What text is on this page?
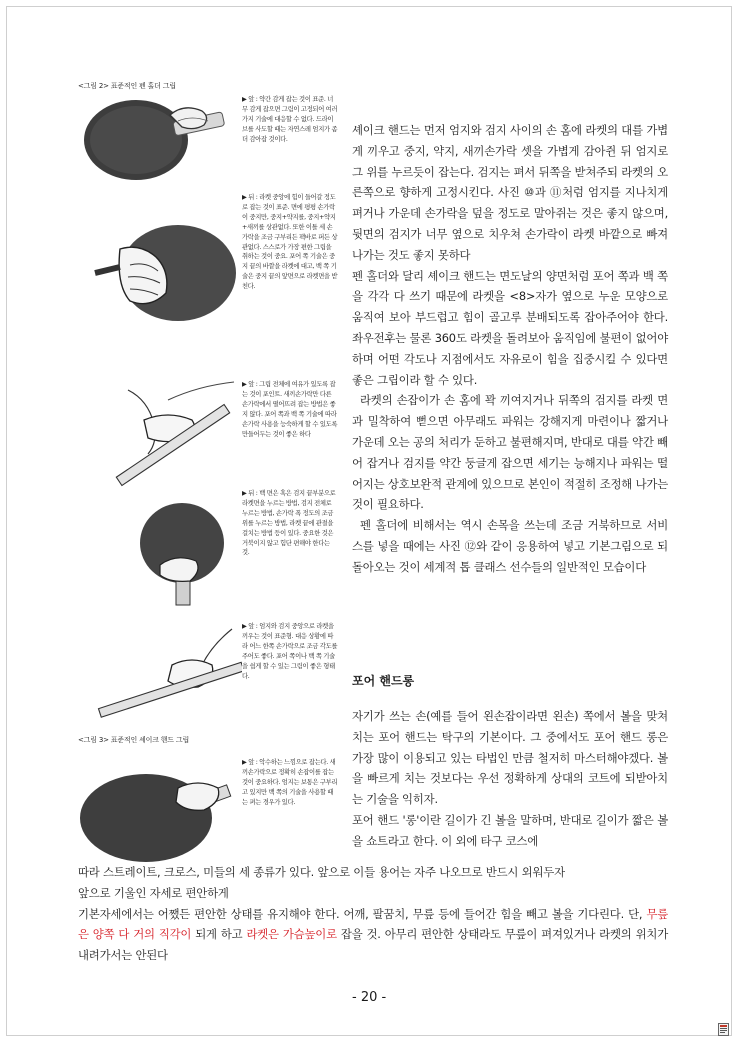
<그림 2> 표준적인 펜 홀더 그립
<그림 3> 표준적인 셰이크 핸드 그립
▶ 앞 : 약간 감게 잡는 것이 표준. 너무 감게 잡으면 그림이 고정되어 여러 가지 기술에 대응할 수 없다. 드라이브를 사도할 때는 자연스레 엄지가 좀 더 감아잡 것이다.
▶ 뒤 : 라켓 중앙에 힘이 들어갈 정도로 잡는 것이 표준. 면에 평평 손가락이 중지만, 중지+약지를, 중지+약지+새끼를 상관없다. 또한 이틀 세 손가락을 조금 구부리든 팩바로 퍼든 상관없다. 스스로가 가장 편한 그립을 취하는 것이 중요. 포어 쪽 기술은 중지 끝의 바깥을 라켓에 대고, 백 쪽 기술은 중지 끝의 앞면으로 라켓면을 받친다.
▶ 앞 : 그립 전체에 여유가 있도록 잡는 것이 포인트. 새끼손가락만 다른 손가락에서 떨어뜨려 잡는 방법은 좋지 않다. 포어 쪽과 백 쪽 기술에 따라 손가락 사용을 능숙하게 할 수 있도록 만들어두는 것이 좋은 하다
▶ 뒤 : 백 면은 혹은 검지 끝부분으로 라켓면을 누르는 방법, 검지 전체로 누르는 방법, 손가락 폭 정도의 조금 위를 누르는 방법, 라켓 끝에 관절을 걸치는 방법 등이 있다. 중요한 것은 거북이지 않고 힘단 편해야 한다는 것.
▶ 앞 : 엄지와 검지 중앙으로 라켓을 끼우는 것이 표준형. 대응 상황에 따라 어느 한쪽 손가락으로 조금 각도를 주어도 좋다. 포어 쪽이나 백 쪽 기술을 쉽게 할 수 있는 그림이 좋은 형태다.
▶ 앞 : 악수하는 느낌으로 잡는다. 새끼손가락으로 정확히 손잡이를 잡는 것이 중요하다. 엄지는 보통은 구부리고 있지만 백 쪽의 기술을 사용할 때는 펴는 경우가 있다.

셰이크 핸드는 먼저 엄지와 검지 사이의 손 홈에 라켓의 대를 가볍게 끼우고 중지, 약지, 새끼손가락 셋을 가볍게 감아쥔 뒤 엄지로 그 위를 누르듯이 잡는다. 검지는 펴서 뒤쪽을 받쳐주되 라켓의 오른쪽으로 향하게 고정시킨다. 사진 ⑩과 ⑪처럼 엄지를 지나치게 펴거나 가운데 손가락을 덮을 정도로 말아쥐는 것은 좋지 않으며, 뒷면의 검지가 너무 옆으로 치우쳐 손가락이 라켓 바깥으로 빠져나가는 것도 좋지 못하다

펜 홀더와 달리 셰이크 핸드는 면도날의 양면처럼 포어 쪽과 백 쪽을 각각 다 쓰기 때문에 라켓을 <8>자가 옆으로 누운 모양으로 움직여 보아 부드럽고 힘이 골고루 분배되도록 잡아주어야 한다. 좌우전후는 물론 360도 라켓을 돌려보아 움직임에 불편이 없어야 하며 어떤 각도나 지점에서도 자유로이 힘을 집중시킬 수 있다면 좋은 그립이라 할 수 있다.

라켓의 손잡이가 손 홈에 꽉 끼여지거나 뒤쪽의 검지를 라켓 면과 밀착하여 뻗으면 아무래도 파워는 강해지게 마련이나 짧거나 가운데 오는 공의 처리가 둔하고 불편해지며, 반대로 대를 약간 빼어 잡거나 검지를 약간 둥글게 잡으면 세기는 능해지나 파워는 떨어지는 상호보완적 관계에 있으므로 본인이 적절히 조정해 나가는 것이 필요하다.

펜 홀더에 비해서는 역시 손목을 쓰는데 조금 거북하므로 서비스를 넣을 때에는 사진 ⑫와 같이 응용하여 넣고 기본그림으로 되돌아오는 것이 세계적 톱 클래스 선수들의 일반적인 모습이다

포어 핸드롱

자기가 쓰는 손(예를 들어 왼손잡이라면 왼손) 쪽에서 볼을 맞쳐 치는 포어 핸드는 탁구의 기본이다. 그 중에서도 포어 핸드 롱은 가장 많이 이용되고 있는 타법인 만큼 철저히 마스터해야겠다. 볼을 빠르게 치는 것보다는 우선 정확하게 상대의 코트에 되받아치는 기술을 익히자.

포어 핸드 '롱'이란 길이가 긴 볼을 말하며, 반대로 길이가 짧은 볼을 쇼트라고 한다. 이 외에 타구 코스에

따라 스트레이트, 크로스, 미들의 세 종류가 있다. 앞으로 이들 용어는 자주 나오므로 반드시 외워두자

앞으로 기울인 자세로 편안하게

기본자세에서는 어쨌든 편안한 상태를 유지해야 한다. 어깨, 팔꿈치, 무릎 등에 들어간 힘을 빼고 볼을 기다린다. 단, 무릎은 양쪽 다 거의 직각이 되게 하고 라켓은 가슴높이로 잡을 것. 아무리 편안한 상태라도 무릎이 펴져있거나 라켓의 위치가 내려가서는 안된다

- 20 -
